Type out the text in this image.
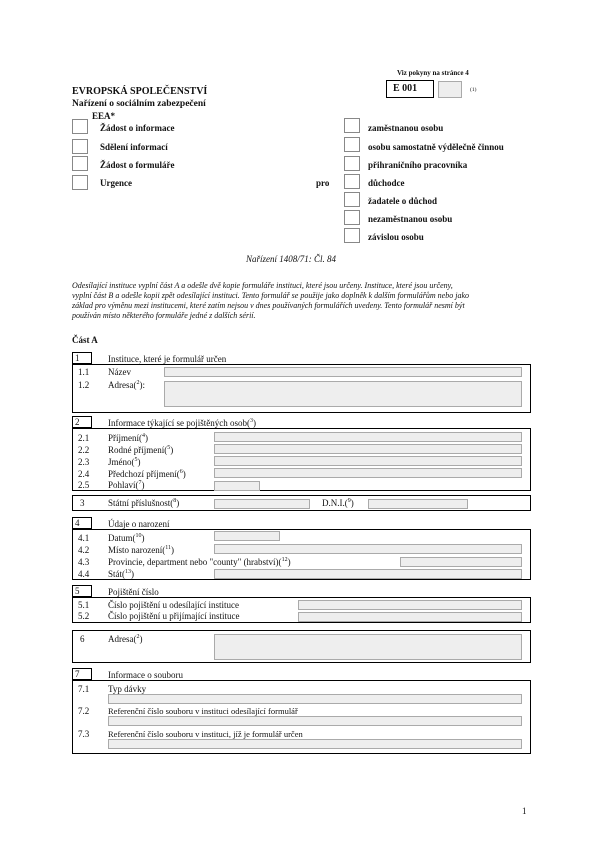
Viz pokyny na stránce 4
EVROPSKÁ SPOLEČENSTVÍ
Nařízení o sociálním zabezpečení
EEA*
E 001	(1)
Žádost o informace
Sdělení informací
Žádost o formuláře
Urgence	pro
zaměstnanou osobu
osobu samostatně výdělečně činnou
přihraničního pracovníka
důchodce
žadatele o důchod
nezaměstnanou osobu
závislou osobu
Nařízení 1408/71: Čl. 84
Odesílající instituce vyplní část A a odešle dvě kopie formuláře instituci, které jsou určeny. Instituce, které jsou určeny,
vyplní část B a odešle kopii zpět odesílající instituci. Tento formulář se použije jako doplněk k dalším formulářům nebo jako
základ pro výměnu mezi institucemi, které zatím nejsou v dnes používaných formulářích uvedeny. Tento formulář nesmí být
používán místo některého formuláře jedné z dalších sérií.
Část A
1	Instituce, které je formulář určen
1.1 Název
1.2 Adresa($^2$):
2	Informace týkající se pojištěných osob($^3$)
2.1 Příjmení($^4$)
2.2 Rodné příjmení($^5$)
2.3 Jméno($^5$)
2.4 Předchozí příjmení($^6$)
2.5 Pohlaví($^7$)
3	Státní příslušnost($^8$)	D.N.I.($^9$)
4	Údaje o narození
4.1 Datum($^{10}$)
4.2 Místo narození($^{11}$)
4.3 Provincie, department nebo "county" (hrabství)($^{12}$)
4.4 Stát($^{13}$)
5	Pojištění číslo
5.1 Číslo pojištění u odesílající instituce
5.2 Číslo pojištění u přijímající instituce
6	Adresa($^2$)
7	Informace o souboru
7.1 Typ dávky
7.2 Referenční číslo souboru v instituci odesílající formulář
7.3 Referenční číslo souboru v instituci, jíž je formulář určen
1
